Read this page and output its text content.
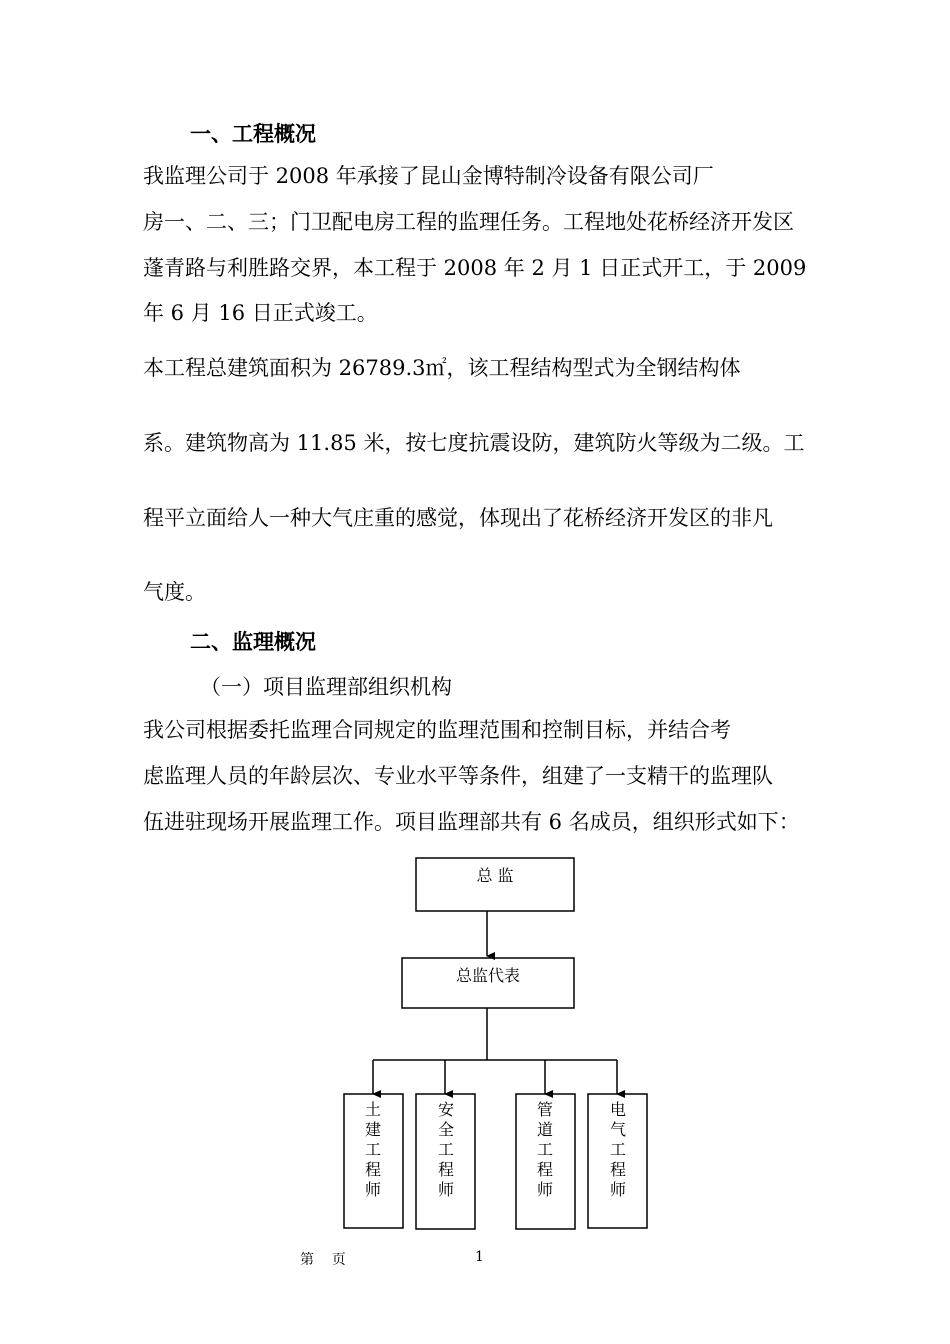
一、工程概况
我监理公司于 2008 年承接了昆山金博特制冷设备有限公司厂
房一、二、三；门卫配电房工程的监理任务。工程地处花桥经济开发区
蓬青路与利胜路交界，本工程于 2008 年 2 月 1 日正式开工，于 2009
年 6 月 16 日正式竣工。
本工程总建筑面积为 26789.3㎡，该工程结构型式为全钢结构体
系。建筑物高为 11.85 米，按七度抗震设防，建筑防火等级为二级。工
程平立面给人一种大气庄重的感觉，体现出了花桥经济开发区的非凡
气度。
二、监理概况
（一）项目监理部组织机构
我公司根据委托监理合同规定的监理范围和控制目标，并结合考
虑监理人员的年龄层次、专业水平等条件，组建了一支精干的监理队
伍进驻现场开展监理工作。项目监理部共有 6 名成员，组织形式如下：
总 监
总监代表
土
建
工
程
师
安
全
工
程
师
管
道
工
程
师
电
气
工
程
师
第    页	1
